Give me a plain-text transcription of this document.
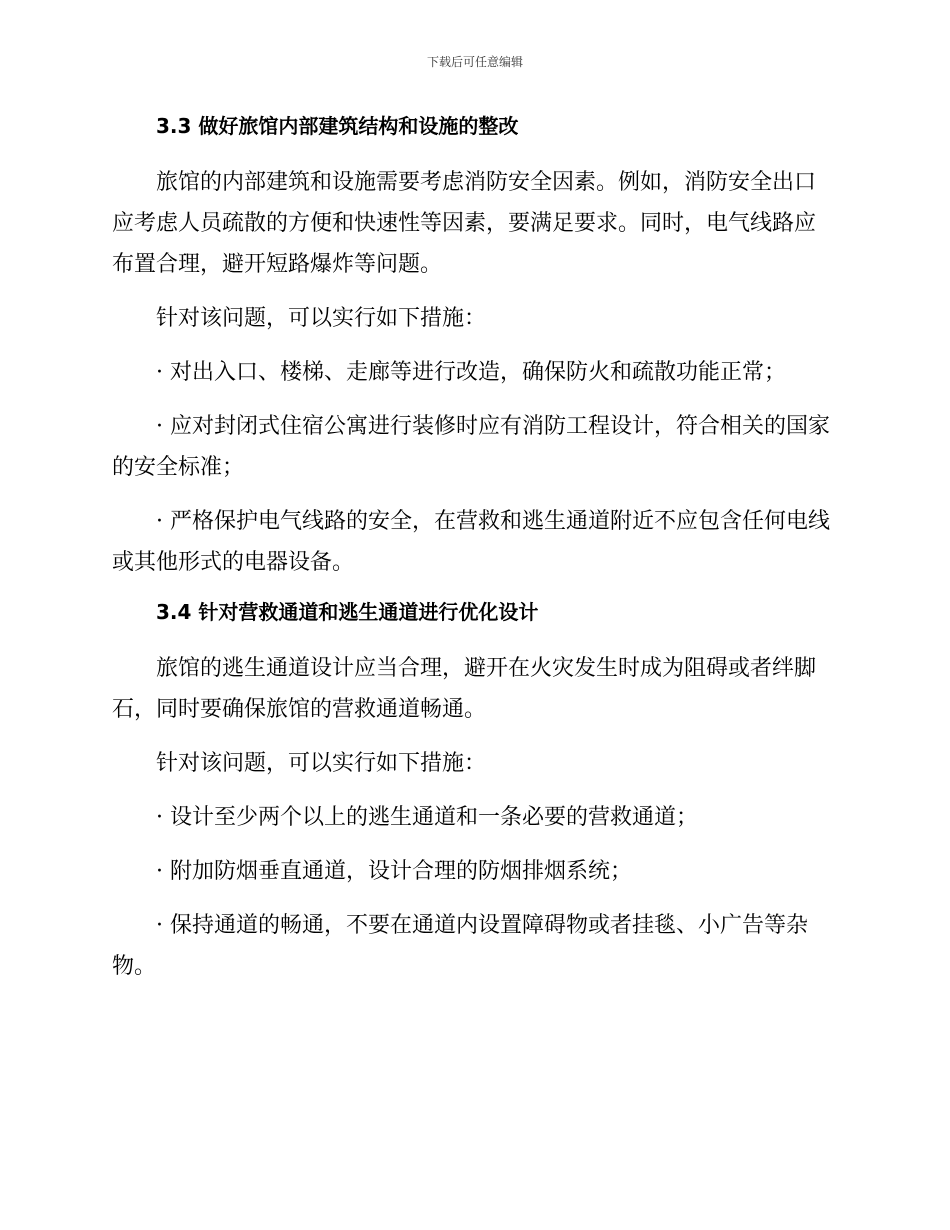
下载后可任意编辑
3.3 做好旅馆内部建筑结构和设施的整改
旅馆的内部建筑和设施需要考虑消防安全因素。例如，消防安全出口应考虑人员疏散的方便和快速性等因素，要满足要求。同时，电气线路应布置合理，避开短路爆炸等问题。
针对该问题，可以实行如下措施：
· 对出入口、楼梯、走廊等进行改造，确保防火和疏散功能正常；
· 应对封闭式住宿公寓进行装修时应有消防工程设计，符合相关的国家的安全标准；
· 严格保护电气线路的安全，在营救和逃生通道附近不应包含任何电线或其他形式的电器设备。
3.4 针对营救通道和逃生通道进行优化设计
旅馆的逃生通道设计应当合理，避开在火灾发生时成为阻碍或者绊脚石，同时要确保旅馆的营救通道畅通。
针对该问题，可以实行如下措施：
· 设计至少两个以上的逃生通道和一条必要的营救通道；
· 附加防烟垂直通道，设计合理的防烟排烟系统；
· 保持通道的畅通，不要在通道内设置障碍物或者挂毯、小广告等杂物。
